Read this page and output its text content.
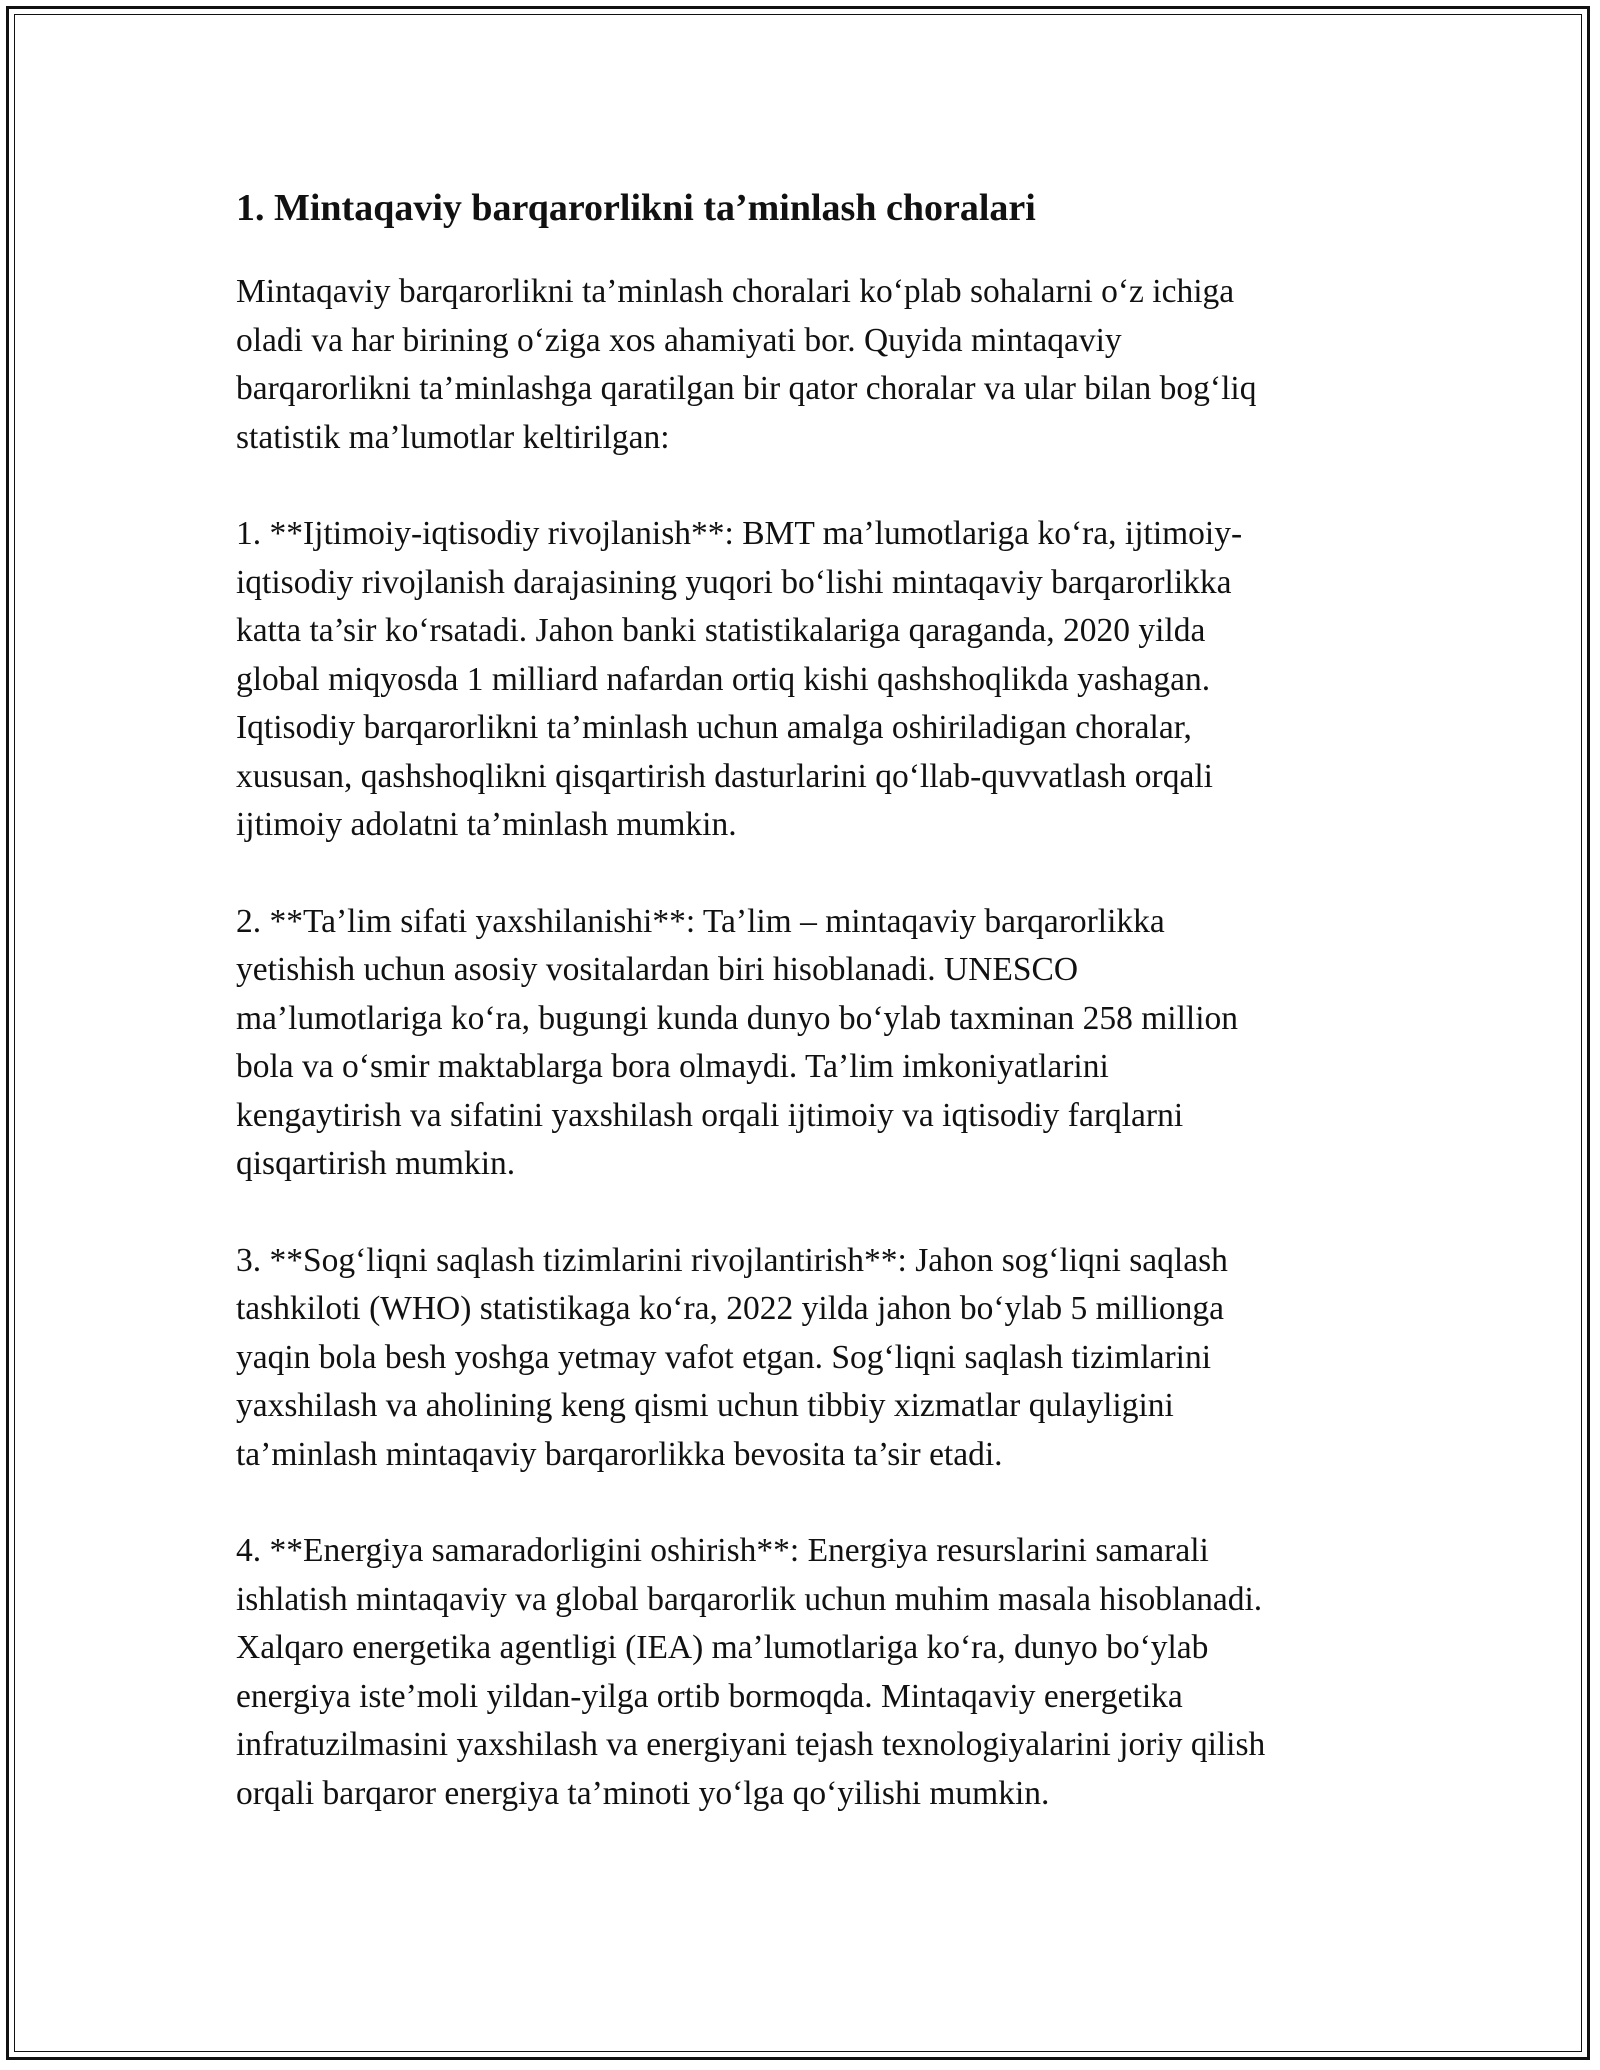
1. Mintaqaviy barqarorlikni ta’minlash choralari

Mintaqaviy barqarorlikni ta’minlash choralari ko‘plab sohalarni o‘z ichiga
oladi va har birining o‘ziga xos ahamiyati bor. Quyida mintaqaviy
barqarorlikni ta’minlashga qaratilgan bir qator choralar va ular bilan bog‘liq
statistik ma’lumotlar keltirilgan:

1. **Ijtimoiy-iqtisodiy rivojlanish**: BMT ma’lumotlariga ko‘ra, ijtimoiy-
iqtisodiy rivojlanish darajasining yuqori bo‘lishi mintaqaviy barqarorlikka
katta ta’sir ko‘rsatadi. Jahon banki statistikalariga qaraganda, 2020 yilda
global miqyosda 1 milliard nafardan ortiq kishi qashshoqlikda yashagan.
Iqtisodiy barqarorlikni ta’minlash uchun amalga oshiriladigan choralar,
xususan, qashshoqlikni qisqartirish dasturlarini qo‘llab-quvvatlash orqali
ijtimoiy adolatni ta’minlash mumkin.

2. **Ta’lim sifati yaxshilanishi**: Ta’lim – mintaqaviy barqarorlikka
yetishish uchun asosiy vositalardan biri hisoblanadi. UNESCO
ma’lumotlariga ko‘ra, bugungi kunda dunyo bo‘ylab taxminan 258 million
bola va o‘smir maktablarga bora olmaydi. Ta’lim imkoniyatlarini
kengaytirish va sifatini yaxshilash orqali ijtimoiy va iqtisodiy farqlarni
qisqartirish mumkin.

3. **Sog‘liqni saqlash tizimlarini rivojlantirish**: Jahon sog‘liqni saqlash
tashkiloti (WHO) statistikaga ko‘ra, 2022 yilda jahon bo‘ylab 5 millionga
yaqin bola besh yoshga yetmay vafot etgan. Sog‘liqni saqlash tizimlarini
yaxshilash va aholining keng qismi uchun tibbiy xizmatlar qulayligini
ta’minlash mintaqaviy barqarorlikka bevosita ta’sir etadi.

4. **Energiya samaradorligini oshirish**: Energiya resurslarini samarali
ishlatish mintaqaviy va global barqarorlik uchun muhim masala hisoblanadi.
Xalqaro energetika agentligi (IEA) ma’lumotlariga ko‘ra, dunyo bo‘ylab
energiya iste’moli yildan-yilga ortib bormoqda. Mintaqaviy energetika
infratuzilmasini yaxshilash va energiyani tejash texnologiyalarini joriy qilish
orqali barqaror energiya ta’minoti yo‘lga qo‘yilishi mumkin.
